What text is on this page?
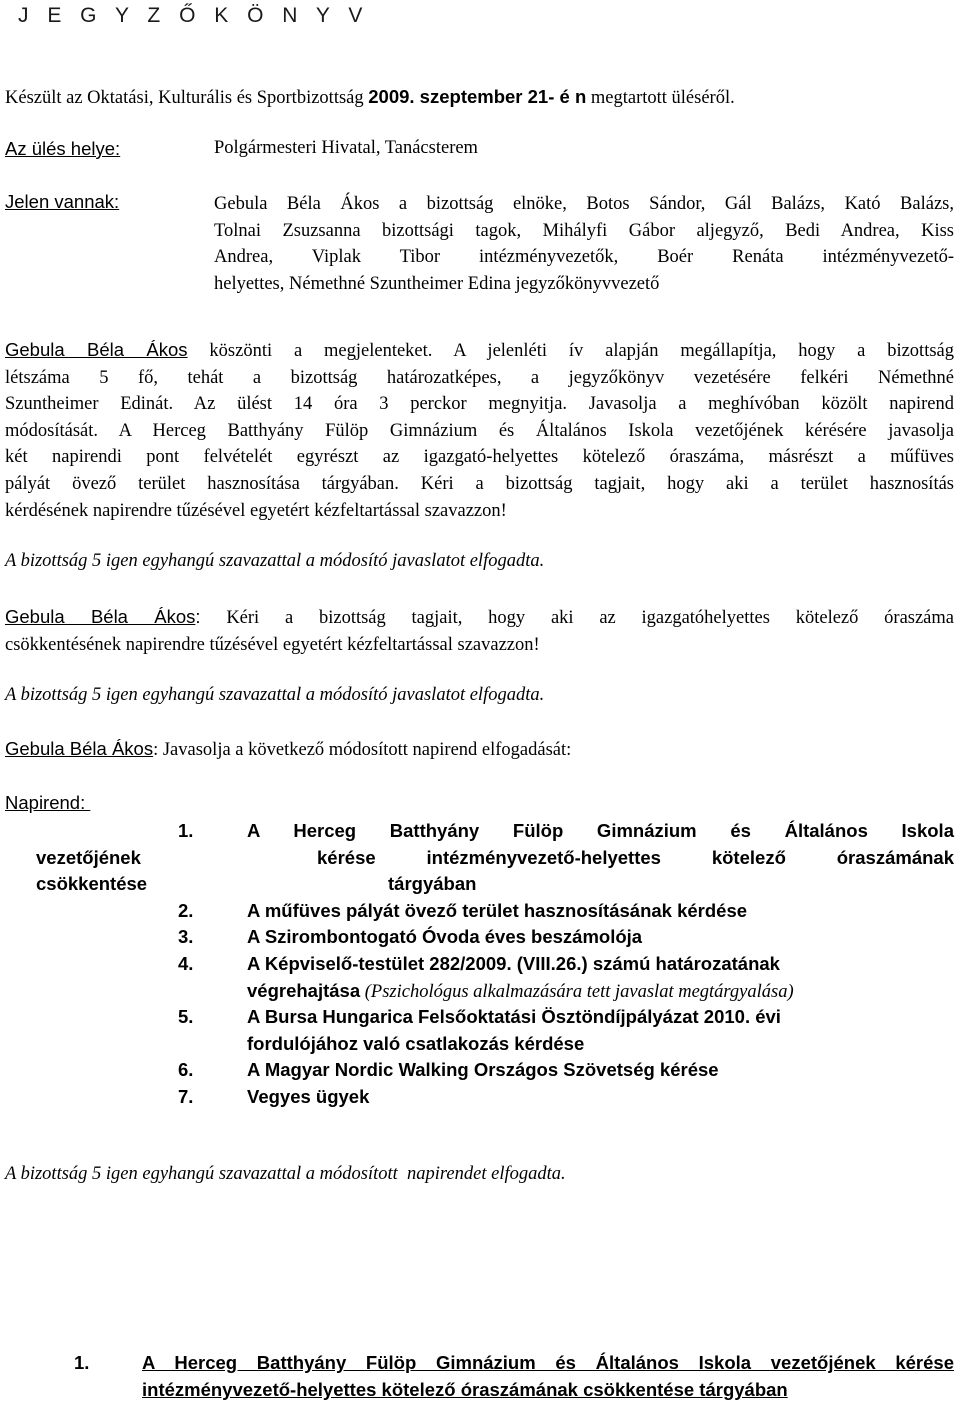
J E G Y Z Ő K Ö N Y V
Készült az Oktatási, Kulturális és Sportbizottság 2009. szeptember 21- é n megtartott üléséről.
Az ülés helye:	Polgármesteri Hivatal, Tanácsterem
Jelen vannak:	Gebula Béla Ákos a bizottság elnöke, Botos Sándor, Gál Balázs, Kató Balázs,
Tolnai Zsuzsanna bizottsági tagok, Mihályfi Gábor aljegyző, Bedi Andrea, Kiss
Andrea, Viplak Tibor intézményvezetők, Boér Renáta intézményvezető-
helyettes, Némethné Szuntheimer Edina jegyzőkönyvvezető
Gebula Béla Ákos köszönti a megjelenteket. A jelenléti ív alapján megállapítja, hogy a bizottság
létszáma 5 fő, tehát a bizottság határozatképes, a jegyzőkönyv vezetésére felkéri Némethné
Szuntheimer Edinát. Az ülést 14 óra 3 perckor megnyitja. Javasolja a meghívóban közölt napirend
módosítását. A Herceg Batthyány Fülöp Gimnázium és Általános Iskola vezetőjének kérésére javasolja
két napirendi pont felvételét egyrészt az igazgató-helyettes kötelező óraszáma, másrészt a műfüves
pályát övező terület hasznosítása tárgyában. Kéri a bizottság tagjait, hogy aki a terület hasznosítás
kérdésének napirendre tűzésével egyetért kézfeltartással szavazzon!
A bizottság 5 igen egyhangú szavazattal a módosító javaslatot elfogadta.
Gebula Béla Ákos: Kéri a bizottság tagjait, hogy aki az igazgatóhelyettes kötelező óraszáma
csökkentésének napirendre tűzésével egyetért kézfeltartással szavazzon!
A bizottság 5 igen egyhangú szavazattal a módosító javaslatot elfogadta.
Gebula Béla Ákos: Javasolja a következő módosított napirend elfogadását:
Napirend:
1.	A Herceg Batthyány Fülöp Gimnázium és Általános Iskola
vezetőjének	kérése intézményvezető-helyettes kötelező óraszámának
csökkentése	tárgyában
2.	A műfüves pályát övező terület hasznosításának kérdése
3.	A Szirombontogató Óvoda éves beszámolója
4.	A Képviselő-testület 282/2009. (VIII.26.) számú határozatának
végrehajtása (Pszichológus alkalmazására tett javaslat megtárgyalása)
5.	A Bursa Hungarica Felsőoktatási Ösztöndíjpályázat 2010. évi
fordulójához való csatlakozás kérdése
6.	A Magyar Nordic Walking Országos Szövetség kérése
7.	Vegyes ügyek
A bizottság 5 igen egyhangú szavazattal a módosított  napirendet elfogadta.
1.	A Herceg Batthyány Fülöp Gimnázium és Általános Iskola vezetőjének kérése
intézményvezető-helyettes kötelező óraszámának csökkentése tárgyában
